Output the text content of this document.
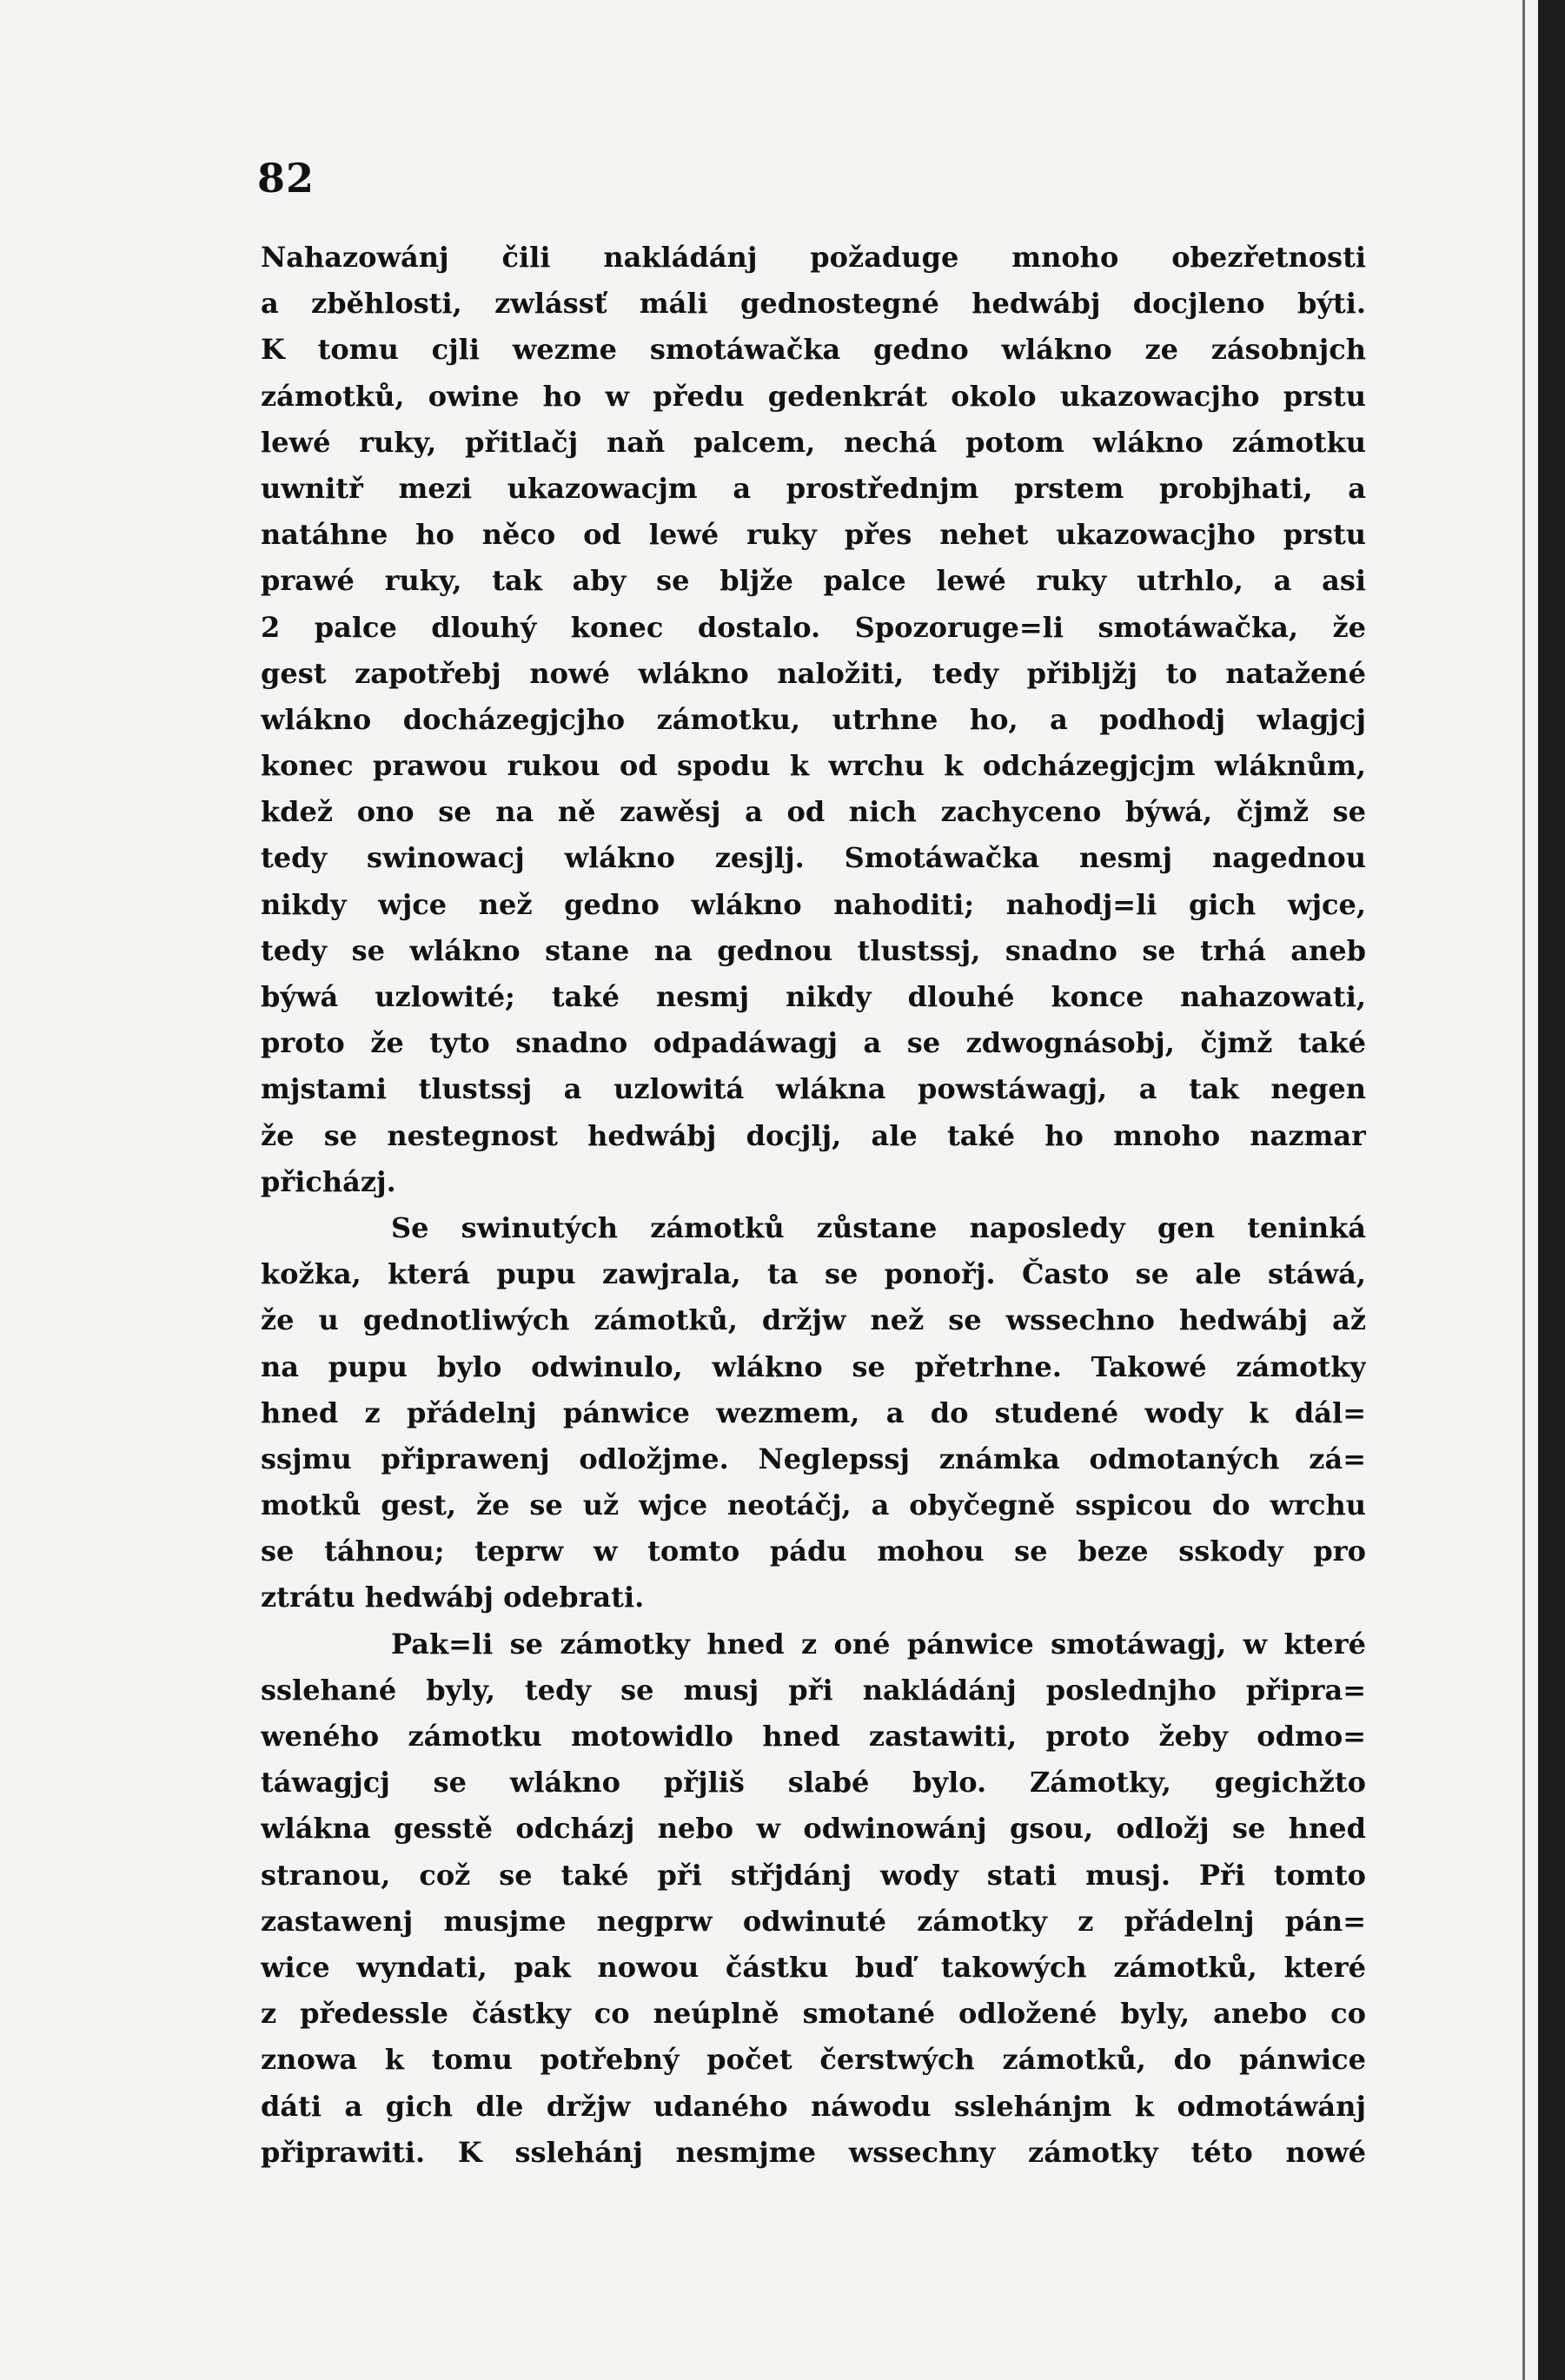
82
Nahazowánj čili nakládánj požaduge mnoho obezřetnosti
a zběhlosti, zwlássť máli gednostegné hedwábj docjleno býti.
K tomu cjli wezme smotáwačka gedno wlákno ze zásobnjch
zámotků, owine ho w předu gedenkrát okolo ukazowacjho prstu
lewé ruky, přitlačj naň palcem, nechá potom wlákno zámotku
uwnitř mezi ukazowacjm a prostřednjm prstem probjhati, a
natáhne ho něco od lewé ruky přes nehet ukazowacjho prstu
prawé ruky, tak aby se bljže palce lewé ruky utrhlo, a asi
2 palce dlouhý konec dostalo. Spozoruge=li smotáwačka, že
gest zapotřebj nowé wlákno naložiti, tedy přibljžj to natažené
wlákno docházegjcjho zámotku, utrhne ho, a podhodj wlagjcj
konec prawou rukou od spodu k wrchu k odcházegjcjm wláknům,
kdež ono se na ně zawěsj a od nich zachyceno býwá, čjmž se
tedy swinowacj wlákno zesjlj. Smotáwačka nesmj nagednou
nikdy wjce než gedno wlákno nahoditi; nahodj=li gich wjce,
tedy se wlákno stane na gednou tlustssj, snadno se trhá aneb
býwá uzlowité; také nesmj nikdy dlouhé konce nahazowati,
proto že tyto snadno odpadáwagj a se zdwognásobj, čjmž také
mjstami tlustssj a uzlowitá wlákna powstáwagj, a tak negen
že se nestegnost hedwábj docjlj, ale také ho mnoho nazmar
přicházj.
Se swinutých zámotků zůstane naposledy gen teninká
kožka, která pupu zawjrala, ta se ponořj. Často se ale stáwá,
že u gednotliwých zámotků, držjw než se wssechno hedwábj až
na pupu bylo odwinulo, wlákno se přetrhne. Takowé zámotky
hned z přádelnj pánwice wezmem, a do studené wody k dál=
ssjmu připrawenj odložjme. Neglepssj známka odmotaných zá=
motků gest, že se už wjce neotáčj, a obyčegně sspicou do wrchu
se táhnou; teprw w tomto pádu mohou se beze sskody pro
ztrátu hedwábj odebrati.
Pak=li se zámotky hned z oné pánwice smotáwagj, w které
sslehané byly, tedy se musj při nakládánj poslednjho připra=
weného zámotku motowidlo hned zastawiti, proto žeby odmo=
táwagjcj se wlákno přjliš slabé bylo. Zámotky, gegichžto
wlákna gesstě odcházj nebo w odwinowánj gsou, odložj se hned
stranou, což se také při střjdánj wody stati musj. Při tomto
zastawenj musjme negprw odwinuté zámotky z přádelnj pán=
wice wyndati, pak nowou částku buď takowých zámotků, které
z předessle částky co neúplně smotané odložené byly, anebo co
znowa k tomu potřebný počet čerstwých zámotků, do pánwice
dáti a gich dle držjw udaného náwodu sslehánjm k odmotáwánj
připrawiti. K sslehánj nesmjme wssechny zámotky této nowé
